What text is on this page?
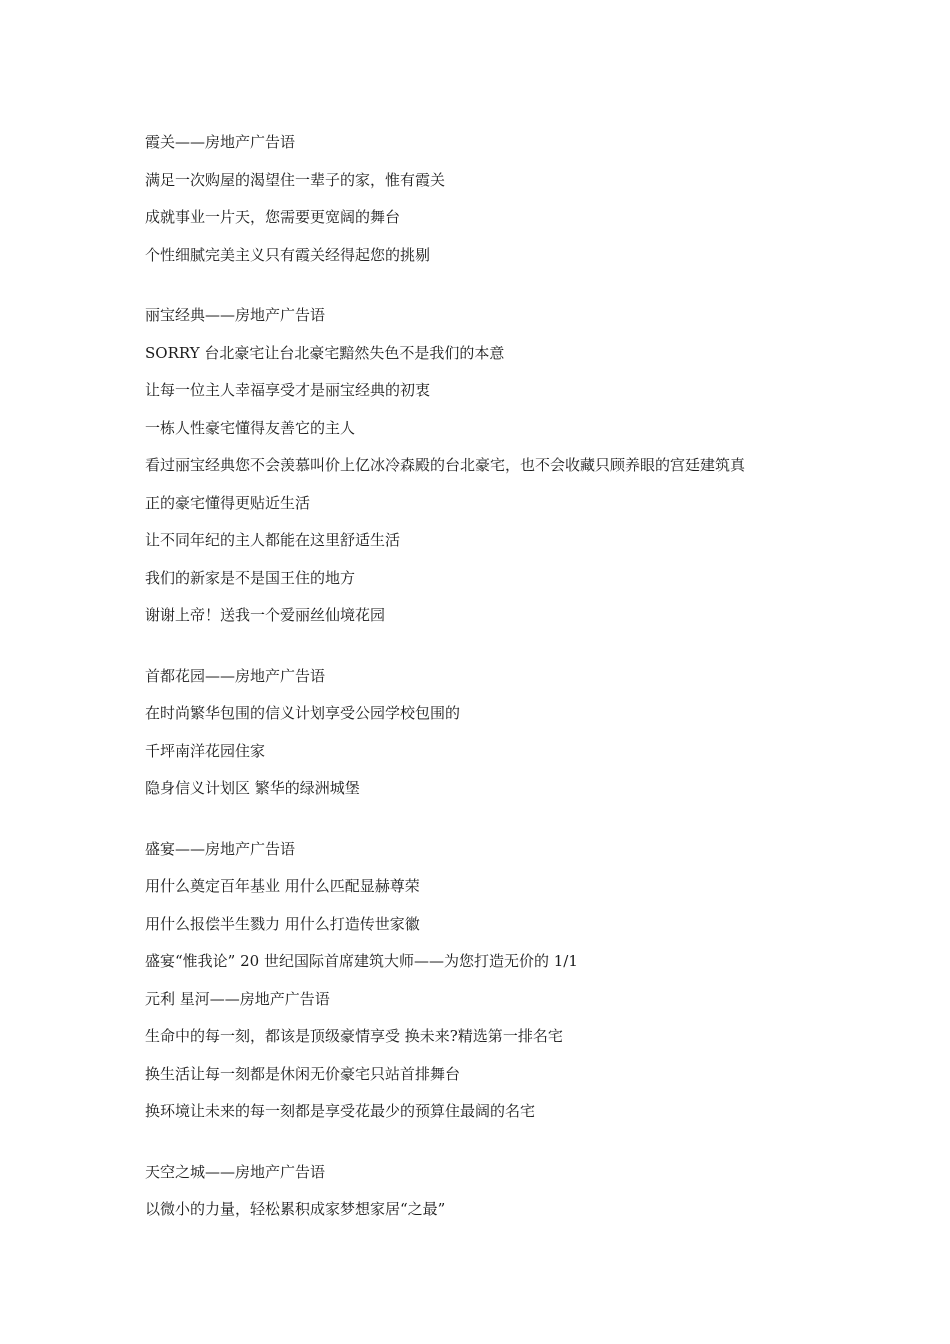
霞关——房地产广告语

满足一次购屋的渴望住一辈子的家，惟有霞关

成就事业一片天，您需要更宽阔的舞台

个性细腻完美主义只有霞关经得起您的挑剔

丽宝经典——房地产广告语

SORRY 台北豪宅让台北豪宅黯然失色不是我们的本意

让每一位主人幸福享受才是丽宝经典的初衷

一栋人性豪宅懂得友善它的主人

看过丽宝经典您不会羡慕叫价上亿冰冷森殿的台北豪宅，也不会收藏只顾养眼的宫廷建筑真

正的豪宅懂得更贴近生活

让不同年纪的主人都能在这里舒适生活

我们的新家是不是国王住的地方

谢谢上帝！送我一个爱丽丝仙境花园

首都花园——房地产广告语

在时尚繁华包围的信义计划享受公园学校包围的

千坪南洋花园住家

隐身信义计划区 繁华的绿洲城堡

盛宴——房地产广告语

用什么奠定百年基业 用什么匹配显赫尊荣

用什么报偿半生戮力 用什么打造传世家徽

盛宴“惟我论” 20 世纪国际首席建筑大师——为您打造无价的 1/1

元利 星河——房地产广告语

生命中的每一刻，都该是顶级豪情享受 换未来?精选第一排名宅

换生活让每一刻都是休闲无价豪宅只站首排舞台

换环境让未来的每一刻都是享受花最少的预算住最阔的名宅

天空之城——房地产广告语

以微小的力量，轻松累积成家梦想家居“之最”
